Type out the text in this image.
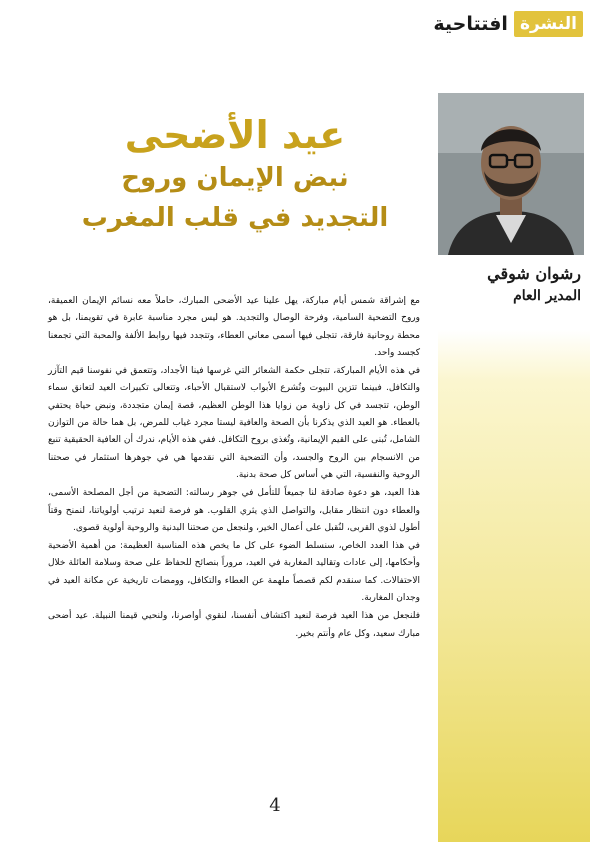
النشرة
افتتاحية
رشوان شوقي
المدير العام
عيد الأضحى
نبض الإيمان وروح
التجديد في قلب المغرب

مع إشراقة شمس أيام مباركة، يهل علينا عيد الأضحى المبارك، حاملاً معه نسائم الإيمان العميقة، وروح التضحية السامية، وفرحة الوصال والتجديد. هو ليس مجرد مناسبة عابرة في تقويمنا، بل هو محطة روحانية فارقة، تتجلى فيها أسمى معاني العطاء، وتتجدد فيها روابط الألفة والمحبة التي تجمعنا كجسد واحد.

في هذه الأيام المباركة، تتجلى حكمة الشعائر التي غرسها فينا الأجداد، وتتعمق في نفوسنا قيم التآزر والتكافل. فبينما تتزين البيوت وتُشرع الأبواب لاستقبال الأحباء، وتتعالى تكبيرات العيد لتعانق سماء الوطن، تتجسد في كل زاوية من زوايا هذا الوطن العظيم، قصة إيمان متجددة، ونبض حياة يحتفي بالعطاء. هو العيد الذي يذكرنا بأن الصحة والعافية ليستا مجرد غياب للمرض، بل هما حالة من التوازن الشامل، تُبنى على القيم الإيمانية، وتُغذى بروح التكافل. ففي هذه الأيام، ندرك أن العافية الحقيقية تنبع من الانسجام بين الروح والجسد، وأن التضحية التي نقدمها هي في جوهرها استثمار في صحتنا الروحية والنفسية، التي هي أساس كل صحة بدنية.

هذا العيد، هو دعوة صادقة لنا جميعاً للتأمل في جوهر رسالته: التضحية من أجل المصلحة الأسمى، والعطاء دون انتظار مقابل، والتواصل الذي يثري القلوب. هو فرصة لنعيد ترتيب أولوياتنا، لنمنح وقتاً أطول لذوي القربى، لنُقبل على أعمال الخير، ولنجعل من صحتنا البدنية والروحية أولوية قصوى.

في هذا العدد الخاص، سنسلط الضوء على كل ما يخص هذه المناسبة العظيمة: من أهمية الأضحية وأحكامها، إلى عادات وتقاليد المغاربة في العيد، مروراً بنصائح للحفاظ على صحة وسلامة العائلة خلال الاحتفالات. كما سنقدم لكم قصصاً ملهمة عن العطاء والتكافل، وومضات تاريخية عن مكانة العيد في وجدان المغاربة.

فلنجعل من هذا العيد فرصة لنعيد اكتشاف أنفسنا، لنقوي أواصرنا، ولنحيي قيمنا النبيلة. عيد أضحى مبارك سعيد، وكل عام وأنتم بخير.

4
